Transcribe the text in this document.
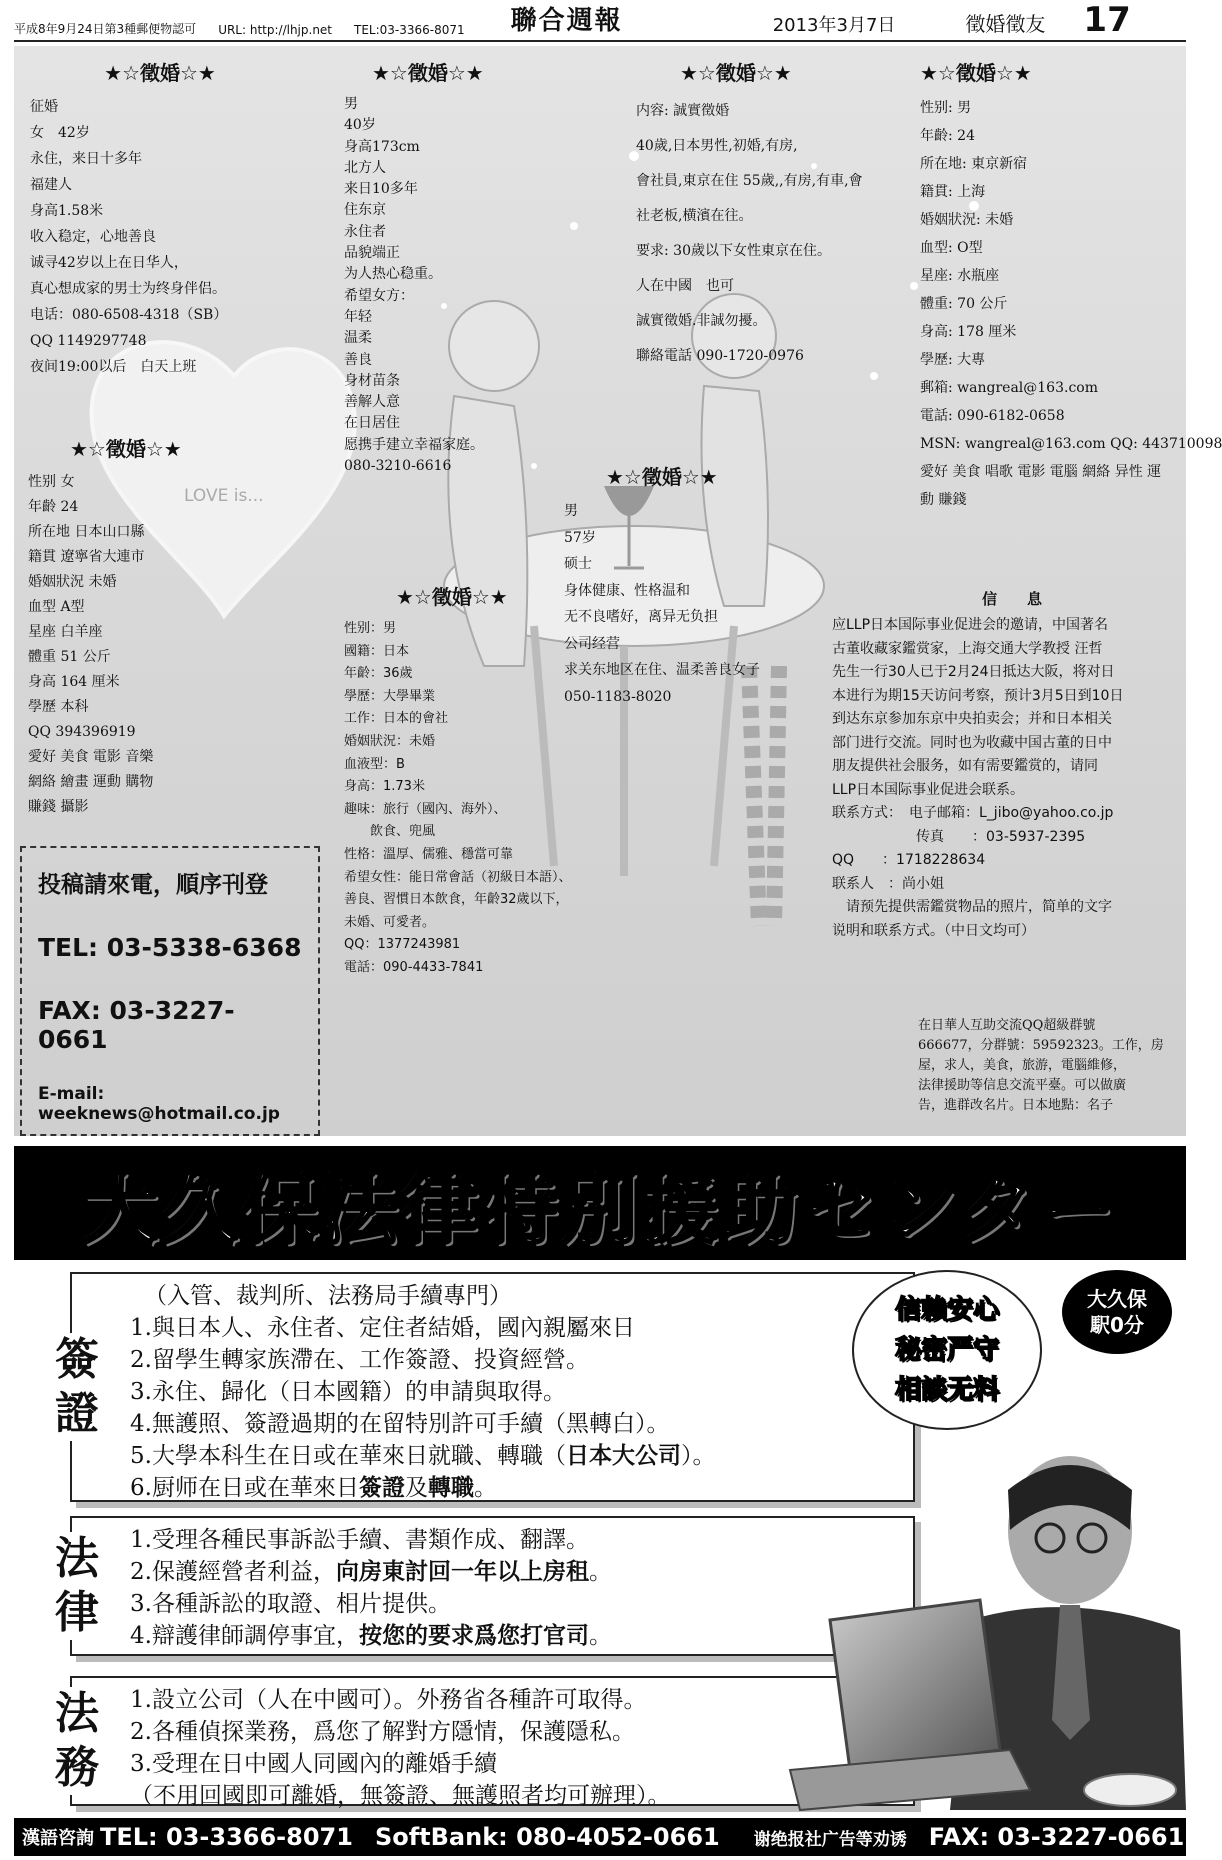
平成8年9月24日第3種郵便物認可 URL: http://lhjp.net TEL:03-3366-8071 聯合週報	2013年3月7日	徵婚徵友 17
LOVE is...
★☆徵婚☆★
征婚
女　42岁
永住，来日十多年
福建人
身高1.58米
收入稳定，心地善良
诚寻42岁以上在日华人，
真心想成家的男士为终身伴侣。
电话：080-6508-4318（SB）
QQ 1149297748
夜间19:00以后　白天上班
★☆徵婚☆★
男
40岁
身高173cm
北方人
来日10多年
住东京
永住者
品貌端正
为人热心稳重。
希望女方：
年轻
温柔
善良
身材苗条
善解人意
在日居住
愿携手建立幸福家庭。
080-3210-6616
★☆徵婚☆★
内容: 誠實徵婚
40歲,日本男性,初婚,有房,
會社員,東京在住 55歲,,有房,有車,會
社老板,横濱在往。
要求: 30歲以下女性東京在住。
人在中國　也可
誠實徵婚.非誠勿擾。
聯絡電話 090-1720-0976
★☆徵婚☆★
性别: 男
年齡: 24
所在地: 東京新宿
籍貫: 上海
婚姻狀況: 未婚
血型: O型
星座: 水瓶座
體重: 70 公斤
身高: 178 厘米
學歷: 大專
郵箱: wangreal@163.com
電話: 090-6182-0658
MSN: wangreal@163.com QQ: 443710098
愛好 美食 唱歌 電影 電腦 網絡 异性 運
動 賺錢
★☆徵婚☆★
性别 女
年齡 24
所在地 日本山口縣
籍貫 遼寧省大連市
婚姻狀況 未婚
血型 A型
星座 白羊座
體重 51 公斤
身高 164 厘米
學歷 本科
QQ 394396919
愛好 美食 電影 音樂
網絡 繪畫 運動 購物
賺錢 攝影
★☆徵婚☆★
男
57岁
硕士
身体健康、性格温和
无不良嗜好，离异无负担
公司经营
求关东地区在住、温柔善良女子
050-1183-8020
★☆徵婚☆★
性别：男
國籍：日本
年齡：36歲
學歷：大學畢業
工作：日本的會社
婚姻狀況：未婚
血液型：B
身高：1.73米
趣味：旅行（國內、海外）、
　　飲食、兜風
性格：溫厚、儒雅、穩當可靠
希望女性：能日常會話（初級日本語）、
善良、習慣日本飲食，年齡32歲以下，
未婚、可愛者。
QQ：1377243981
電話：090-4433-7841
信　　息
应LLP日本国际事业促进会的邀请，中国著名
古董收藏家鑑赏家，上海交通大学教授 汪哲
先生一行30人已于2月24日抵达大阪，将对日
本进行为期15天访问考察，预计3月5日到10日
到达东京参加东京中央拍卖会；并和日本相关
部门进行交流。同时也为收藏中国古董的日中
朋友提供社会服务，如有需要鑑赏的，请同
LLP日本国际事业促进会联系。
联系方式：　电子邮箱：L_jibo@yahoo.co.jp
　　　　　　传真　　：03-5937-2395
QQ　　：1718228634
联系人　：尚小姐
　请预先提供需鑑赏物品的照片，简单的文字
说明和联系方式。（中日文均可）
在日華人互助交流QQ超級群號
666677，分群號：59592323。工作，房
屋，求人，美食，旅游，電腦維修，
法律援助等信息交流平臺。可以做廣
告，進群改名片。日本地點：名子
投稿請來電，順序刊登
TEL: 03-5338-6368
FAX: 03-3227-0661
E-mail: weeknews@hotmail.co.jp
大久保法律特別援助センター
簽證
（入管、裁判所、法務局手續專門）
1.與日本人、永住者、定住者結婚，國內親屬來日
2.留學生轉家族滯在、工作簽證、投資經營。
3.永住、歸化（日本國籍）的申請與取得。
4.無護照、簽證過期的在留特別許可手續（黑轉白）。
5.大學本科生在日或在華來日就職、轉職（日本大公司）。
6.厨师在日或在華來日簽證及轉職。
法律
1.受理各種民事訴訟手續、書類作成、翻譯。
2.保護經營者利益，向房東討回一年以上房租。
3.各種訴訟的取證、相片提供。
4.辯護律師調停事宜，按您的要求爲您打官司。
法務
1.設立公司（人在中國可）。外務省各種許可取得。
2.各種偵探業務，爲您了解對方隱情，保護隱私。
3.受理在日中國人同國內的離婚手續
（不用回國即可離婚，無簽證、無護照者均可辦理）。
信賴安心
秘密严守
相談无料
大久保
駅0分
漢語咨詢 TEL: 03-3366-8071 SoftBank: 080-4052-0661 谢绝报社广告等劝诱 FAX: 03-3227-0661
